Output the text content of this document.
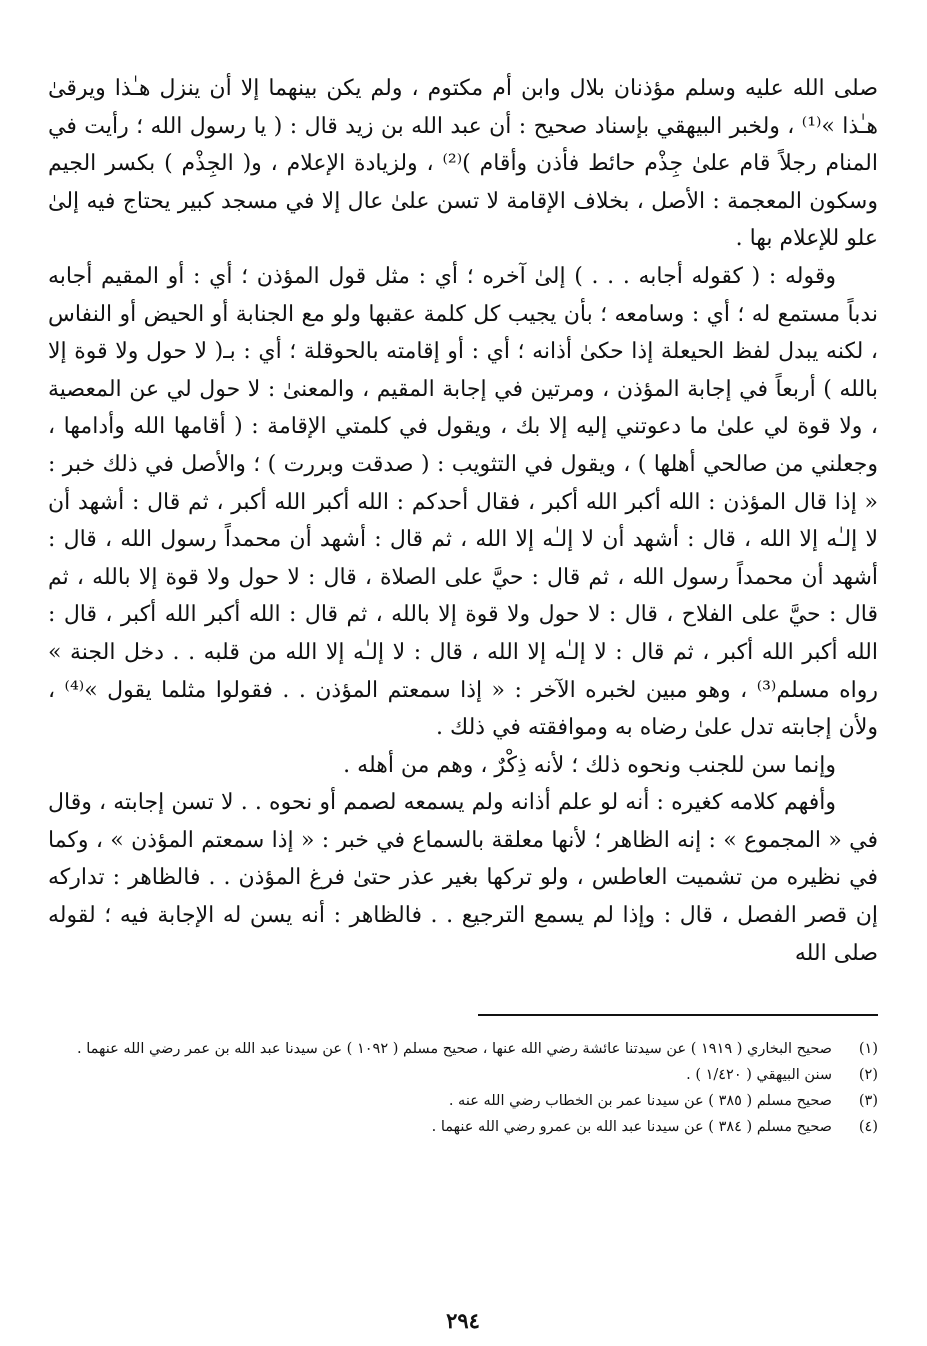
صلى الله عليه وسلم مؤذنان بلال وابن أم مكتوم ، ولم يكن بينهما إلا أن ينزل هـٰذا ويرقىٰ هـٰذا »⁽¹⁾ ، ولخبر البيهقي بإسناد صحيح : أن عبد الله بن زيد قال : ( يا رسول الله ؛ رأيت في المنام رجلاً قام علىٰ جِذْم حائط فأذن وأقام )⁽²⁾ ، ولزيادة الإعلام ، و( الجِذْم ) بكسر الجيم وسكون المعجمة : الأصل ، بخلاف الإقامة لا تسن علىٰ عال إلا في مسجد كبير يحتاج فيه إلىٰ علو للإعلام بها .

وقوله : ( كقوله أجابه . . . ) إلىٰ آخره ؛ أي : مثل قول المؤذن ؛ أي : أو المقيم أجابه ندباً مستمع له ؛ أي : وسامعه ؛ بأن يجيب كل كلمة عقبها ولو مع الجنابة أو الحيض أو النفاس ، لكنه يبدل لفظ الحيعلة إذا حكىٰ أذانه ؛ أي : أو إقامته بالحوقلة ؛ أي : بـ( لا حول ولا قوة إلا بالله ) أربعاً في إجابة المؤذن ، ومرتين في إجابة المقيم ، والمعنىٰ : لا حول لي عن المعصية ، ولا قوة لي علىٰ ما دعوتني إليه إلا بك ، ويقول في كلمتي الإقامة : ( أقامها الله وأدامها ، وجعلني من صالحي أهلها ) ، ويقول في التثويب : ( صدقت وبررت ) ؛ والأصل في ذلك خبر : « إذا قال المؤذن : الله أكبر الله أكبر ، فقال أحدكم : الله أكبر الله أكبر ، ثم قال : أشهد أن لا إلـٰه إلا الله ، قال : أشهد أن لا إلـٰه إلا الله ، ثم قال : أشهد أن محمداً رسول الله ، قال : أشهد أن محمداً رسول الله ، ثم قال : حيَّ على الصلاة ، قال : لا حول ولا قوة إلا بالله ، ثم قال : حيَّ على الفلاح ، قال : لا حول ولا قوة إلا بالله ، ثم قال : الله أكبر الله أكبر ، قال : الله أكبر الله أكبر ، ثم قال : لا إلـٰه إلا الله ، قال : لا إلـٰه إلا الله من قلبه . . دخل الجنة » رواه مسلم⁽³⁾ ، وهو مبين لخبره الآخر : « إذا سمعتم المؤذن . . فقولوا مثلما يقول »⁽⁴⁾ ، ولأن إجابته تدل علىٰ رضاه به وموافقته في ذلك .

وإنما سن للجنب ونحوه ذلك ؛ لأنه ذِكْرٌ ، وهم من أهله .

وأفهم كلامه كغيره : أنه لو علم أذانه ولم يسمعه لصمم أو نحوه . . لا تسن إجابته ، وقال في « المجموع » : إنه الظاهر ؛ لأنها معلقة بالسماع في خبر : « إذا سمعتم المؤذن » ، وكما في نظيره من تشميت العاطس ، ولو تركها بغير عذر حتىٰ فرغ المؤذن . . فالظاهر : تداركه إن قصر الفصل ، قال : وإذا لم يسمع الترجيع . . فالظاهر : أنه يسن له الإجابة فيه ؛ لقوله صلى الله

(١)
صحيح البخاري ( ١٩١٩ ) عن سيدتنا عائشة رضي الله عنها ، صحيح مسلم ( ١٠٩٢ ) عن سيدنا عبد الله بن عمر رضي الله عنهما .
(٢)
سنن البيهقي ( ١/٤٢٠ ) .
(٣)
صحيح مسلم ( ٣٨٥ ) عن سيدنا عمر بن الخطاب رضي الله عنه .
(٤)
صحيح مسلم ( ٣٨٤ ) عن سيدنا عبد الله بن عمرو رضي الله عنهما .
٢٩٤
